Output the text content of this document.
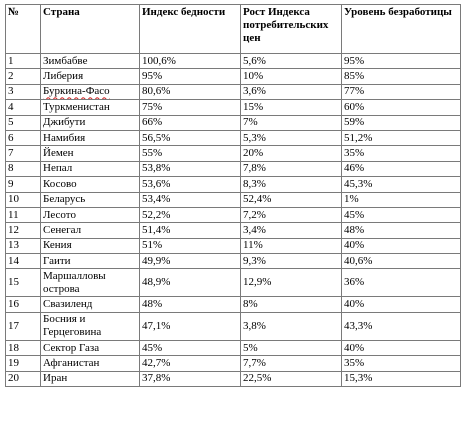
№	Страна	Индекс бедности	Рост Индекса потребительских цен	Уровень безработицы
1	Зимбабве	100,6%	5,6%	95%
2	Либерия	95%	10%	85%
3	Буркина-Фасо	80,6%	3,6%	77%
4	Туркменистан	75%	15%	60%
5	Джибути	66%	7%	59%
6	Намибия	56,5%	5,3%	51,2%
7	Йемен	55%	20%	35%
8	Непал	53,8%	7,8%	46%
9	Косово	53,6%	8,3%	45,3%
10	Беларусь	53,4%	52,4%	1%
11	Лесото	52,2%	7,2%	45%
12	Сенегал	51,4%	3,4%	48%
13	Кения	51%	11%	40%
14	Гаити	49,9%	9,3%	40,6%
15	Маршалловы острова	48,9%	12,9%	36%
16	Свазиленд	48%	8%	40%
17	Босния и Герцеговина	47,1%	3,8%	43,3%
18	Сектор Газа	45%	5%	40%
19	Афганистан	42,7%	7,7%	35%
20	Иран	37,8%	22,5%	15,3%
